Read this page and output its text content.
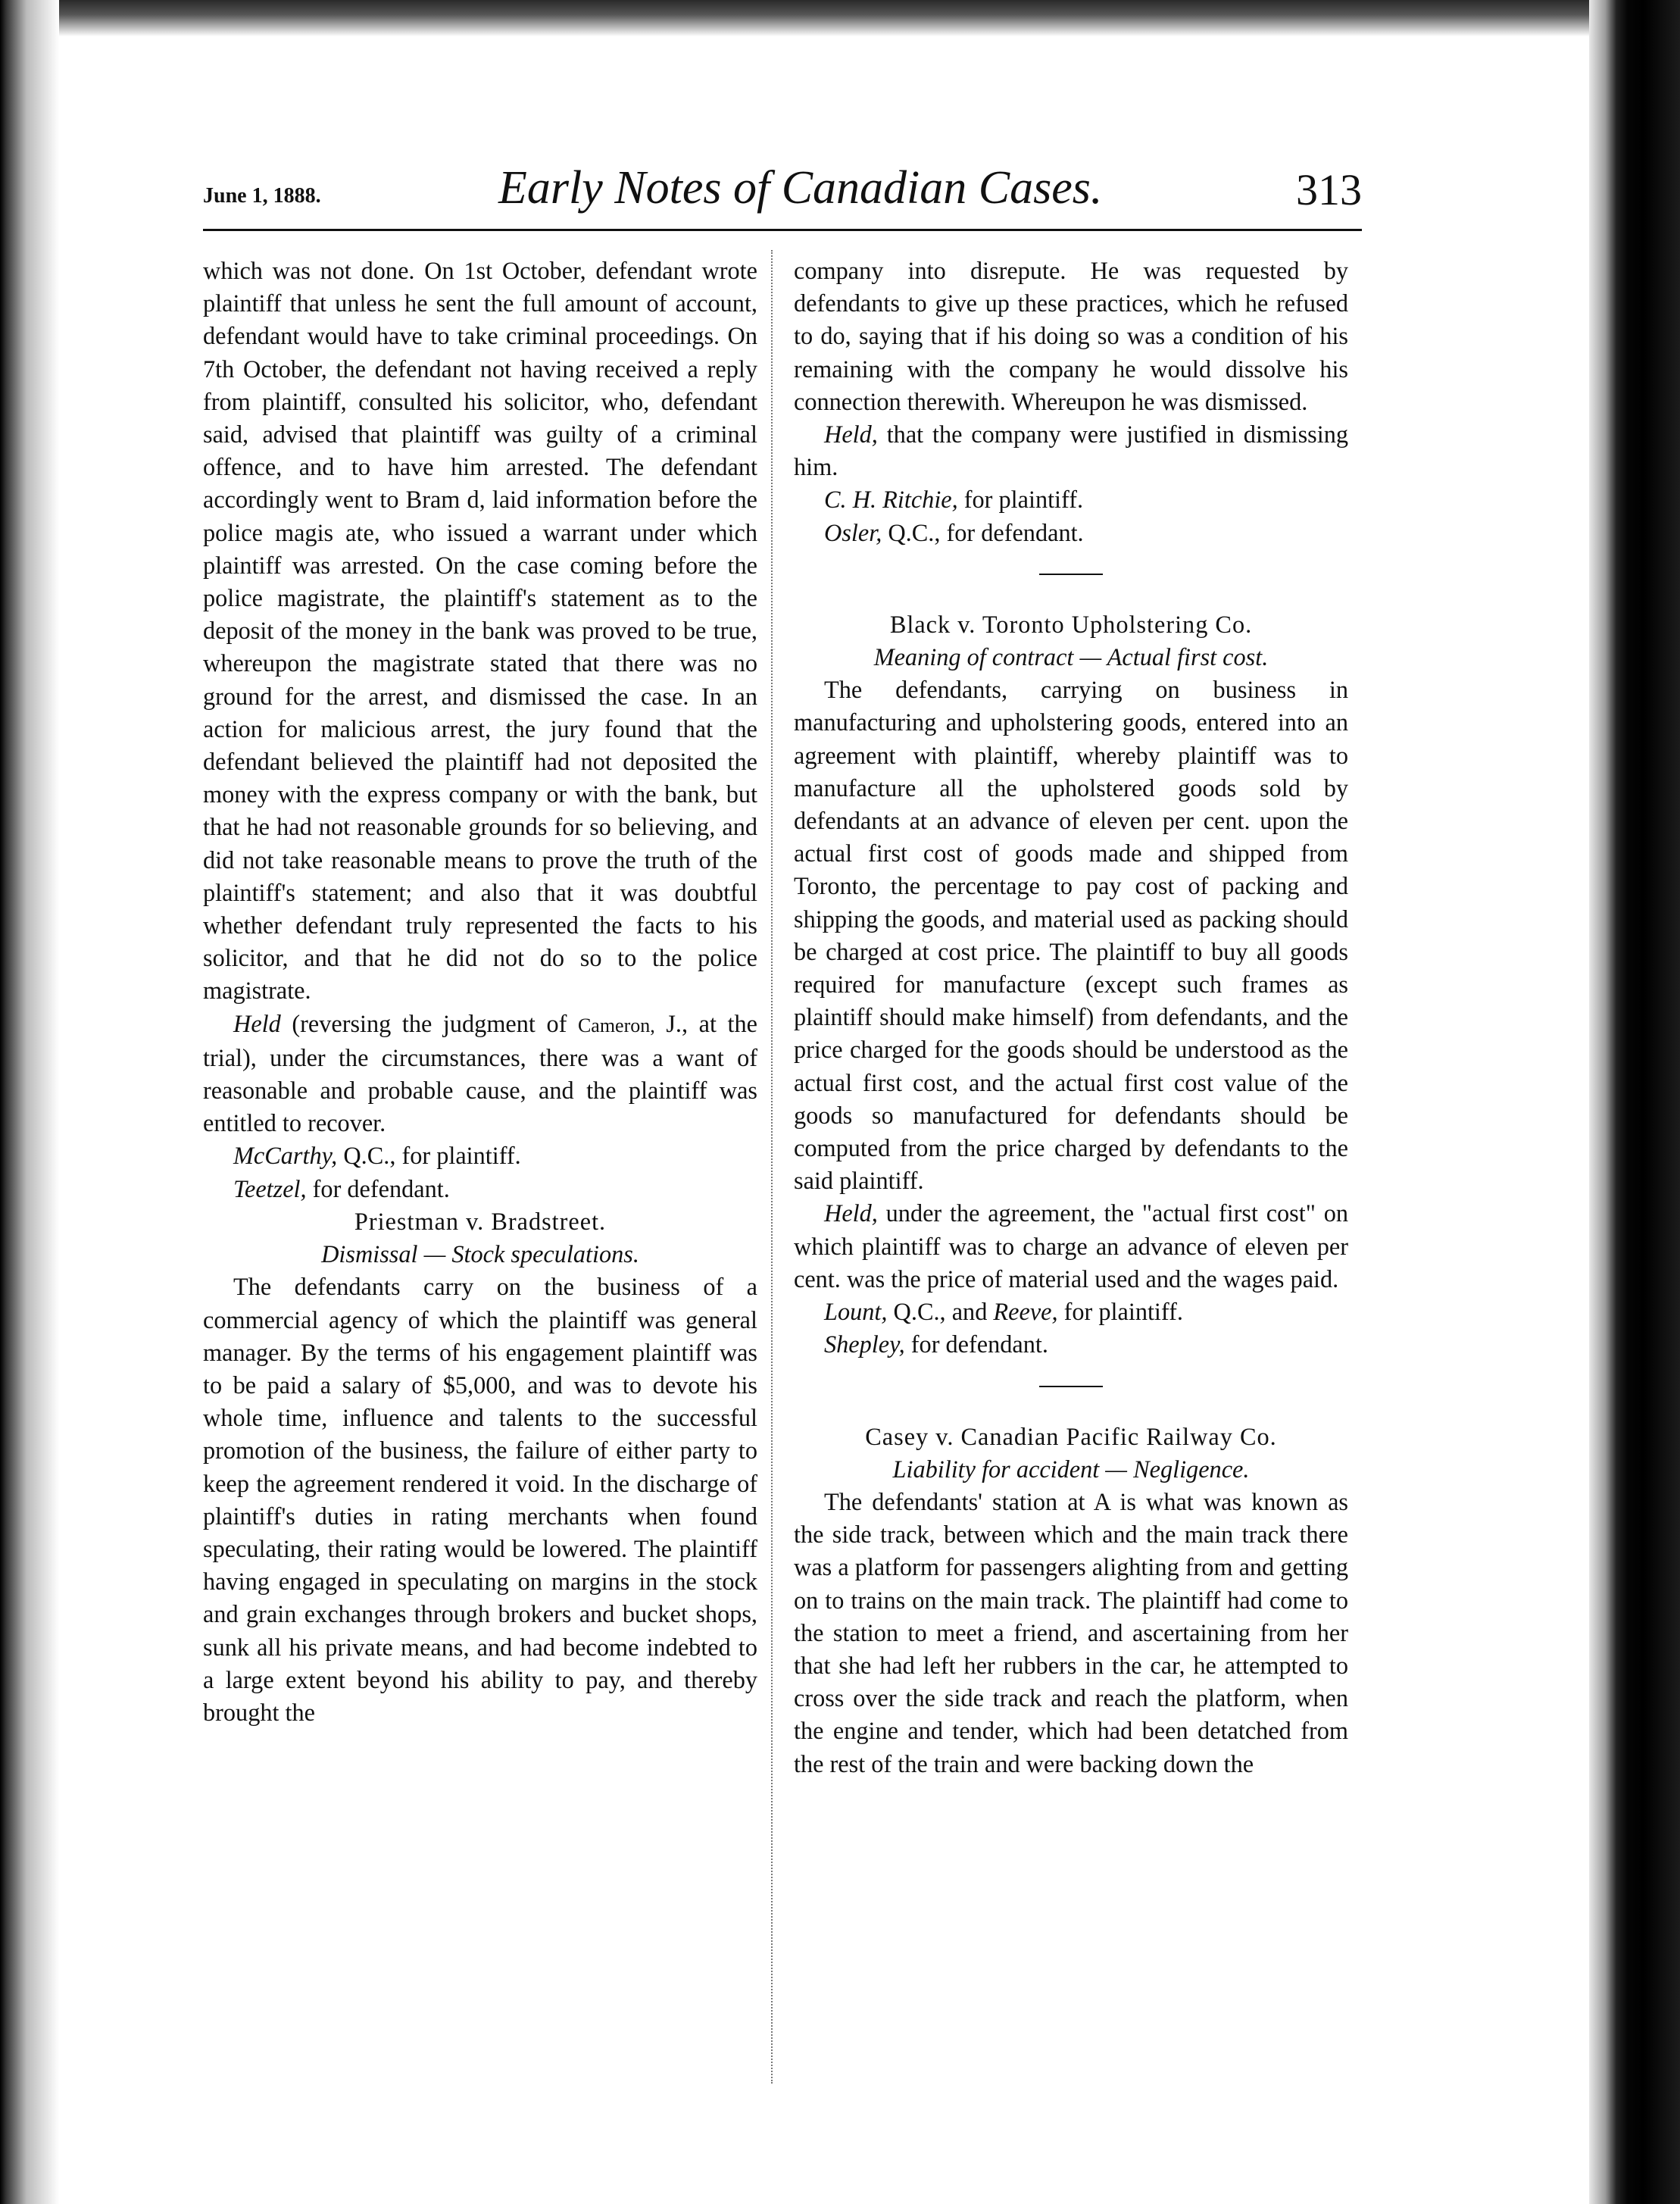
June 1, 1888.	Early Notes of Canadian Cases.	313

which was not done. On 1st October, defendant wrote plaintiff that unless he sent the full amount of account, defendant would have to take criminal proceedings. On 7th October, the defendant not having received a reply from plaintiff, consulted his solicitor, who, defendant said, advised that plaintiff was guilty of a criminal offence, and to have him arrested. The defendant accordingly went to Bram d, laid information before the police magis ate, who issued a warrant under which plaintiff was arrested. On the case coming before the police magistrate, the plaintiff's statement as to the deposit of the money in the bank was proved to be true, whereupon the magistrate stated that there was no ground for the arrest, and dismissed the case. In an action for malicious arrest, the jury found that the defendant believed the plaintiff had not deposited the money with the express company or with the bank, but that he had not reasonable grounds for so believing, and did not take reasonable means to prove the truth of the plaintiff's statement; and also that it was doubtful whether defendant truly represented the facts to his solicitor, and that he did not do so to the police magistrate.

Held (reversing the judgment of Cameron, J., at the trial), under the circumstances, there was a want of reasonable and probable cause, and the plaintiff was entitled to recover.

McCarthy, Q.C., for plaintiff.

Teetzel, for defendant.

Priestman v. Bradstreet.

Dismissal — Stock speculations.

The defendants carry on the business of a commercial agency of which the plaintiff was general manager. By the terms of his engagement plaintiff was to be paid a salary of $5,000, and was to devote his whole time, influence and talents to the successful promotion of the business, the failure of either party to keep the agreement rendered it void. In the discharge of plaintiff's duties in rating merchants when found speculating, their rating would be lowered. The plaintiff having engaged in speculating on margins in the stock and grain exchanges through brokers and bucket shops, sunk all his private means, and had become indebted to a large extent beyond his ability to pay, and thereby brought the

company into disrepute. He was requested by defendants to give up these practices, which he refused to do, saying that if his doing so was a condition of his remaining with the company he would dissolve his connection therewith. Whereupon he was dismissed.

Held, that the company were justified in dismissing him.

C. H. Ritchie, for plaintiff.

Osler, Q.C., for defendant.

Black v. Toronto Upholstering Co.

Meaning of contract — Actual first cost.

The defendants, carrying on business in manufacturing and upholstering goods, entered into an agreement with plaintiff, whereby plaintiff was to manufacture all the upholstered goods sold by defendants at an advance of eleven per cent. upon the actual first cost of goods made and shipped from Toronto, the percentage to pay cost of packing and shipping the goods, and material used as packing should be charged at cost price. The plaintiff to buy all goods required for manufacture (except such frames as plaintiff should make himself) from defendants, and the price charged for the goods should be understood as the actual first cost, and the actual first cost value of the goods so manufactured for defendants should be computed from the price charged by defendants to the said plaintiff.

Held, under the agreement, the "actual first cost" on which plaintiff was to charge an advance of eleven per cent. was the price of material used and the wages paid.

Lount, Q.C., and Reeve, for plaintiff.

Shepley, for defendant.

Casey v. Canadian Pacific Railway Co.

Liability for accident — Negligence.

The defendants' station at A is what was known as the side track, between which and the main track there was a platform for passengers alighting from and getting on to trains on the main track. The plaintiff had come to the station to meet a friend, and ascertaining from her that she had left her rubbers in the car, he attempted to cross over the side track and reach the platform, when the engine and tender, which had been detatched from the rest of the train and were backing down the
